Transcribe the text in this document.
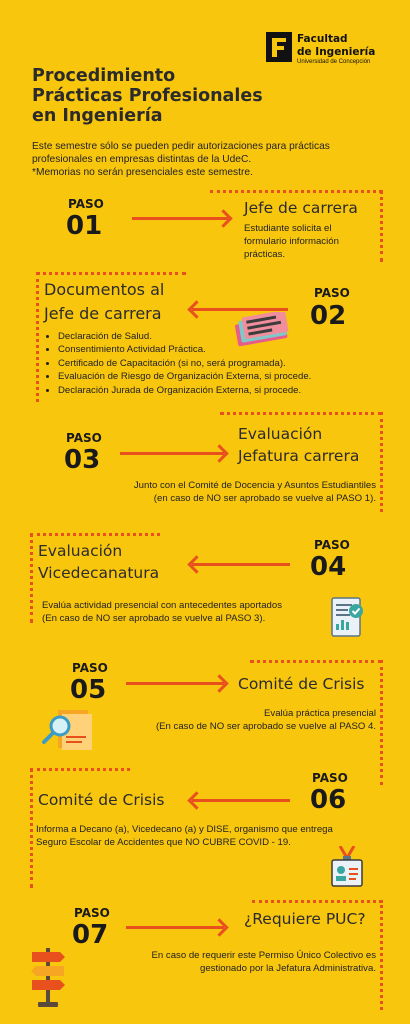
Facultad
de Ingeniería
Universidad de Concepción
Procedimiento
Prácticas Profesionales
en Ingeniería
Este semestre sólo se pueden pedir autorizaciones para prácticas
profesionales en empresas distintas de la UdeC.
*Memorias no serán presenciales este semestre.
PASO
01
Jefe de carrera
Estudiante solicita el
formulario información
prácticas.
Documentos al
Jefe de carrera
PASO
02
• Declaración de Salud.
• Consentimiento Actividad Práctica.
• Certificado de Capacitación (si no, será programada).
• Evaluación de Riesgo de Organización Externa, si procede.
• Declaración Jurada de Organización Externa, si procede.
PASO
03
Evaluación
Jefatura carrera
Junto con el Comité de Docencia y Asuntos Estudiantiles
(en caso de NO ser aprobado se vuelve al PASO 1).
Evaluación
Vicedecanatura
PASO
04
Evalúa actividad presencial con antecedentes aportados
(En caso de NO ser aprobado se vuelve al PASO 3).
PASO
05	Comité de Crisis
Evalúa práctica presencial
(En caso de NO ser aprobado se vuelve al PASO 4.
Comité de Crisis
PASO
06
Informa a Decano (a), Vicedecano (a) y DISE, organismo que entrega
Seguro Escolar de Accidentes que NO CUBRE COVID - 19.
PASO
07
¿Requiere PUC?
En caso de requerir este Permiso Único Colectivo es
gestionado por la Jefatura Administrativa.
